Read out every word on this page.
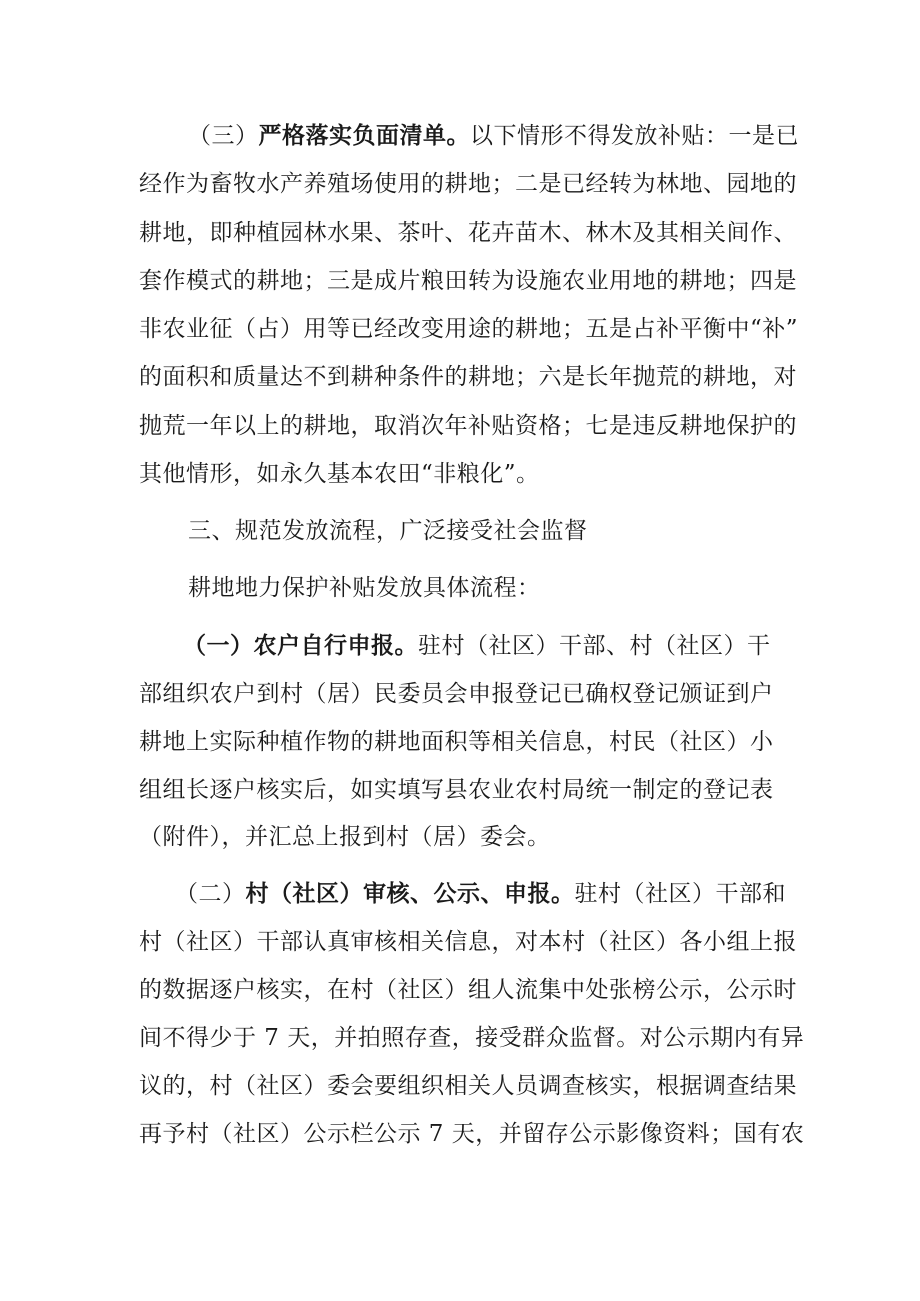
（三）严格落实负面清单。以下情形不得发放补贴：一是已
经作为畜牧水产养殖场使用的耕地；二是已经转为林地、园地的
耕地，即种植园林水果、茶叶、花卉苗木、林木及其相关间作、
套作模式的耕地；三是成片粮田转为设施农业用地的耕地；四是
非农业征（占）用等已经改变用途的耕地；五是占补平衡中“补”
的面积和质量达不到耕种条件的耕地；六是长年抛荒的耕地，对
抛荒一年以上的耕地，取消次年补贴资格；七是违反耕地保护的
其他情形，如永久基本农田“非粮化”。
三、规范发放流程，广泛接受社会监督
耕地地力保护补贴发放具体流程：
（一）农户自行申报。驻村（社区）干部、村（社区）干
部组织农户到村（居）民委员会申报登记已确权登记颁证到户
耕地上实际种植作物的耕地面积等相关信息，村民（社区）小
组组长逐户核实后，如实填写县农业农村局统一制定的登记表
（附件），并汇总上报到村（居）委会。
（二）村（社区）审核、公示、申报。驻村（社区）干部和
村（社区）干部认真审核相关信息，对本村（社区）各小组上报
的数据逐户核实，在村（社区）组人流集中处张榜公示，公示时
间不得少于 7 天，并拍照存查，接受群众监督。对公示期内有异
议的，村（社区）委会要组织相关人员调查核实，根据调查结果
再予村（社区）公示栏公示 7 天，并留存公示影像资料；国有农
